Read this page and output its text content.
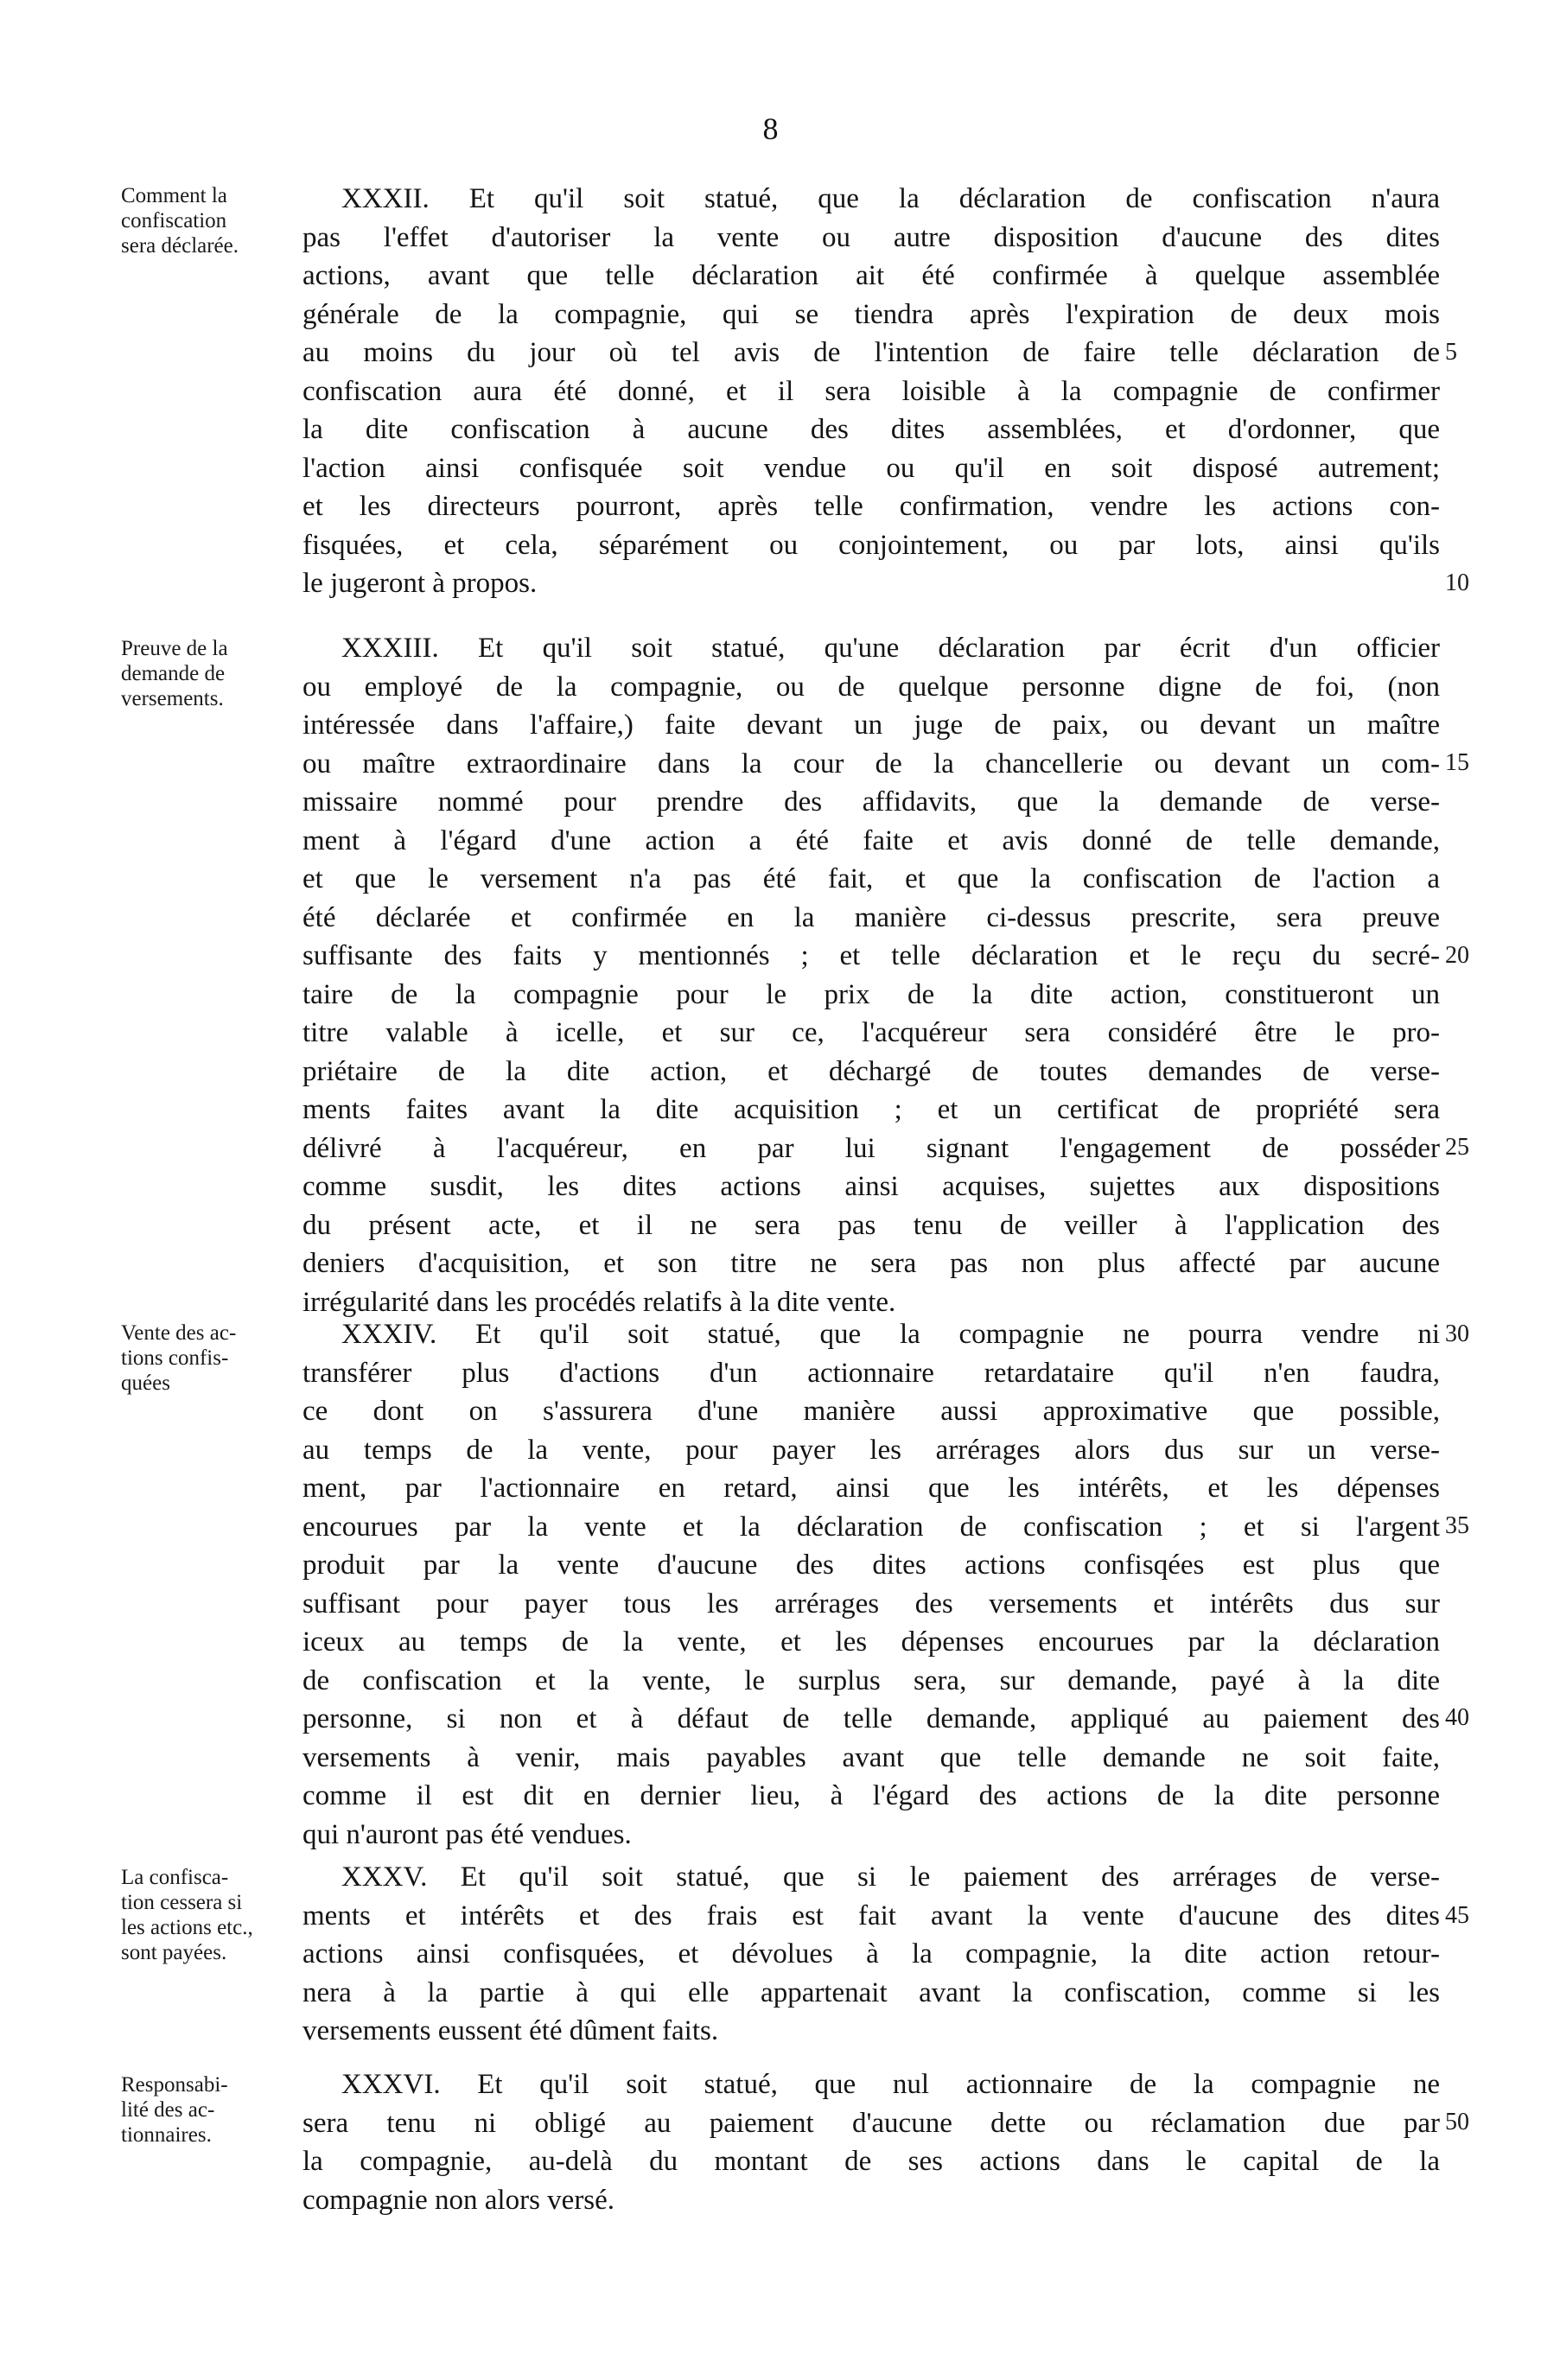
8
Comment la
confiscation
sera déclarée.
XXXII. Et qu'il soit statué, que la déclaration de confiscation n'aura
pas l'effet d'autoriser la vente ou autre disposition d'aucune des dites
actions, avant que telle déclaration ait été confirmée à quelque assemblée
générale de la compagnie, qui se tiendra après l'expiration de deux mois
au moins du jour où tel avis de l'intention de faire telle déclaration de
confiscation aura été donné, et il sera loisible à la compagnie de confirmer
la dite confiscation à aucune des dites assemblées, et d'ordonner, que
l'action ainsi confisquée soit vendue ou qu'il en soit disposé autrement;
et les directeurs pourront, après telle confirmation, vendre les actions con-
fisquées, et cela, séparément ou conjointement, ou par lots, ainsi qu'ils
le jugeront à propos.
Preuve de la
demande de
versements.
XXXIII. Et qu'il soit statué, qu'une déclaration par écrit d'un officier
ou employé de la compagnie, ou de quelque personne digne de foi, (non
intéressée dans l'affaire,) faite devant un juge de paix, ou devant un maître
ou maître extraordinaire dans la cour de la chancellerie ou devant un com-
missaire nommé pour prendre des affidavits, que la demande de verse-
ment à l'égard d'une action a été faite et avis donné de telle demande,
et que le versement n'a pas été fait, et que la confiscation de l'action a
été déclarée et confirmée en la manière ci-dessus prescrite, sera preuve
suffisante des faits y mentionnés ; et telle déclaration et le reçu du secré-
taire de la compagnie pour le prix de la dite action, constitueront un
titre valable à icelle, et sur ce, l'acquéreur sera considéré être le pro-
priétaire de la dite action, et déchargé de toutes demandes de verse-
ments faites avant la dite acquisition ; et un certificat de propriété sera
délivré à l'acquéreur, en par lui signant l'engagement de posséder
comme susdit, les dites actions ainsi acquises, sujettes aux dispositions
du présent acte, et il ne sera pas tenu de veiller à l'application des
deniers d'acquisition, et son titre ne sera pas non plus affecté par aucune
irrégularité dans les procédés relatifs à la dite vente.
Vente des ac-
tions confis-
quées
XXXIV. Et qu'il soit statué, que la compagnie ne pourra vendre ni
transférer plus d'actions d'un actionnaire retardataire qu'il n'en faudra,
ce dont on s'assurera d'une manière aussi approximative que possible,
au temps de la vente, pour payer les arrérages alors dus sur un verse-
ment, par l'actionnaire en retard, ainsi que les intérêts, et les dépenses
encourues par la vente et la déclaration de confiscation ; et si l'argent
produit par la vente d'aucune des dites actions confisqées est plus que
suffisant pour payer tous les arrérages des versements et intérêts dus sur
iceux au temps de la vente, et les dépenses encourues par la déclaration
de confiscation et la vente, le surplus sera, sur demande, payé à la dite
personne, si non et à défaut de telle demande, appliqué au paiement des
versements à venir, mais payables avant que telle demande ne soit faite,
comme il est dit en dernier lieu, à l'égard des actions de la dite personne
qui n'auront pas été vendues.
La confisca-
tion cessera si
les actions etc.,
sont payées.
XXXV. Et qu'il soit statué, que si le paiement des arrérages de verse-
ments et intérêts et des frais est fait avant la vente d'aucune des dites
actions ainsi confisquées, et dévolues à la compagnie, la dite action retour-
nera à la partie à qui elle appartenait avant la confiscation, comme si les
versements eussent été dûment faits.
Responsabi-
lité des ac-
tionnaires.
XXXVI. Et qu'il soit statué, que nul actionnaire de la compagnie ne
sera tenu ni obligé au paiement d'aucune dette ou réclamation due par
la compagnie, au-delà du montant de ses actions dans le capital de la
compagnie non alors versé.
5
10
15
20
25
30
35
40
45
50
